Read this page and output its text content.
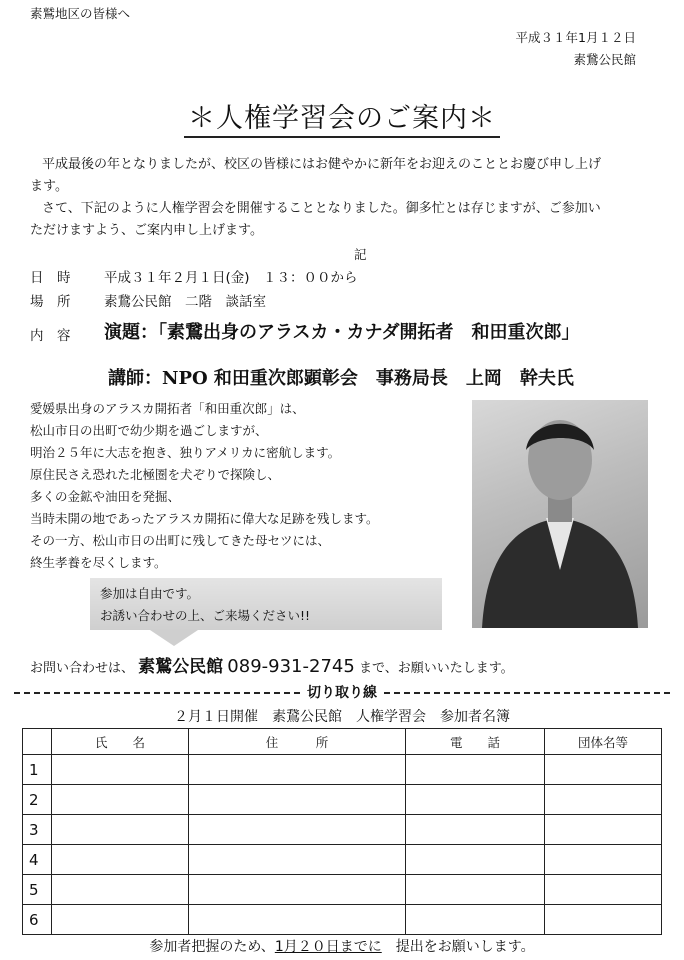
素鷲地区の皆様へ
平成３１年1月１２日
素鵞公民館
＊人権学習会のご案内＊
平成最後の年となりましたが、校区の皆様にはお健やかに新年をお迎えのこととお慶び申し上げ
ます。
さて、下記のように人権学習会を開催することとなりました。御多忙とは存じますが、ご参加い
ただけますよう、ご案内申し上げます。
記
日　時 平成３１年２月１日(金)　１３：００から
場　所 素鵞公民館　二階　談話室
内　容 演題：「素鵞出身のアラスカ・カナダ開拓者　和田重次郎」
講師：NPO 和田重次郎顕彰会　事務局長　上岡　幹夫氏
愛媛県出身のアラスカ開拓者「和田重次郎」は、
松山市日の出町で幼少期を過ごしますが、
明治２５年に大志を抱き、独りアメリカに密航します。
原住民さえ恐れた北極圏を犬ぞりで探険し、
多くの金鉱や油田を発掘、
当時未開の地であったアラスカ開拓に偉大な足跡を残します。
その一方、松山市日の出町に残してきた母セツには、
終生孝養を尽くします。
参加は自由です。
お誘い合わせの上、ご来場ください!!
お問い合わせは、 素鷲公民館 089-931-2745 まで、お願いいたします。
切り取り線
２月１日開催　素鵞公民館　人権学習会　参加者名簿
	氏　　名	住　　　所	電　　話	団体名等
1				
2				
3				
4				
5				
6				
参加者把握のため、1月２０日までに　提出をお願いします。
